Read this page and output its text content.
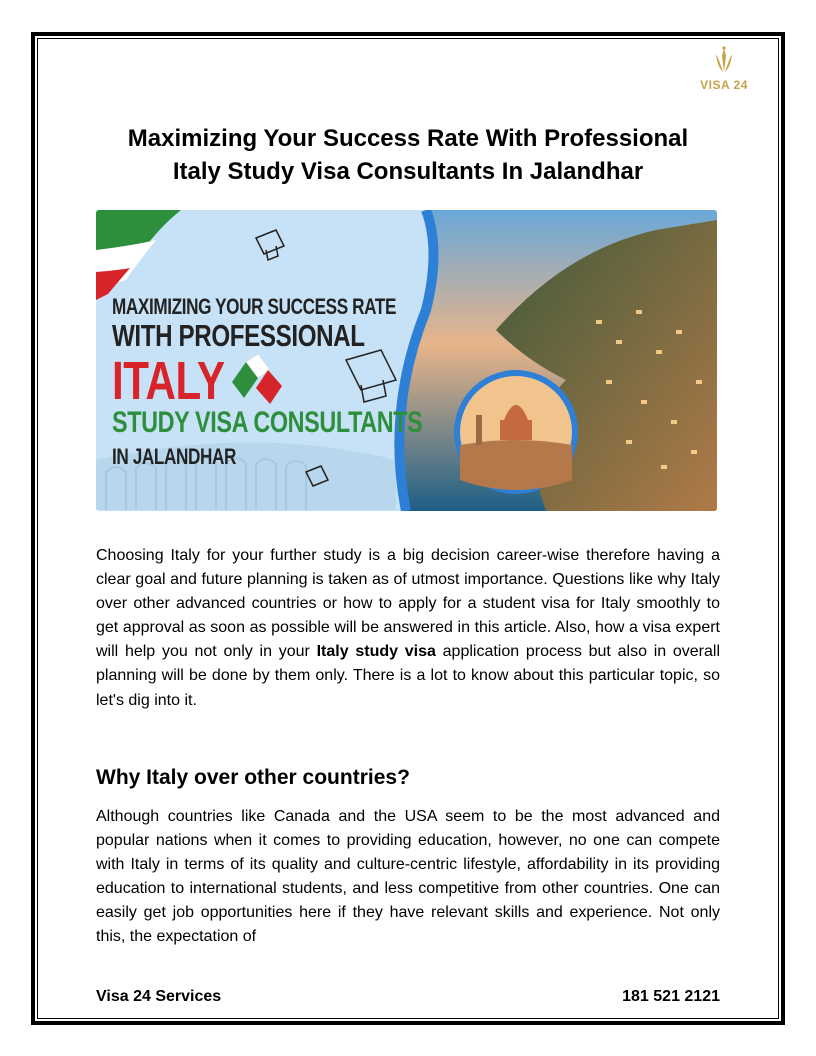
VISA 24
Maximizing Your Success Rate With Professional
Italy Study Visa Consultants In Jalandhar
MAXIMIZING YOUR SUCCESS RATE
WITH PROFESSIONAL
ITALY
STUDY VISA CONSULTANTS
IN JALANDHAR

Choosing Italy for your further study is a big decision career-wise therefore having a clear goal and future planning is taken as of utmost importance. Questions like why Italy over other advanced countries or how to apply for a student visa for Italy smoothly to get approval as soon as possible will be answered in this article. Also, how a visa expert will help you not only in your Italy study visa application process but also in overall planning will be done by them only. There is a lot to know about this particular topic, so let's dig into it.

Why Italy over other countries?

Although countries like Canada and the USA seem to be the most advanced and popular nations when it comes to providing education, however, no one can compete with Italy in terms of its quality and culture-centric lifestyle, affordability in its providing education to international students, and less competitive from other countries. One can easily get job opportunities here if they have relevant skills and experience. Not only this, the expectation of

Visa 24 Services	181 521 2121
